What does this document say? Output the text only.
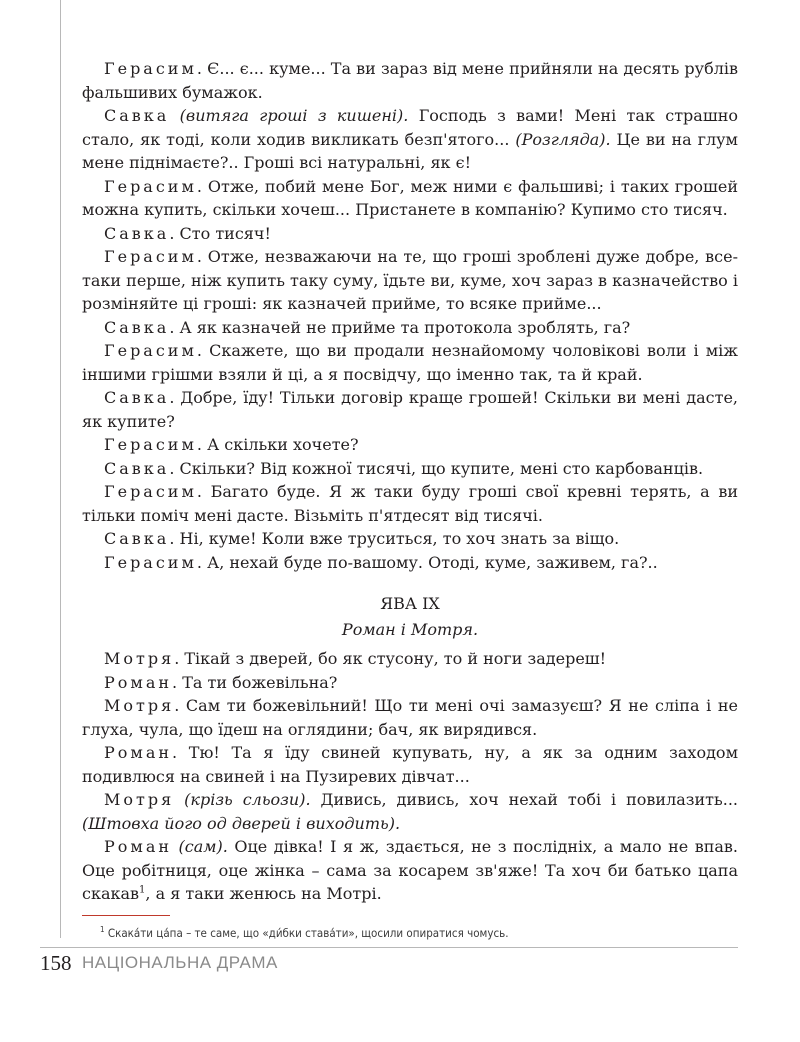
Герасим. Є... є... куме... Та ви зараз від мене прийняли на десять рублів фальшивих бумажок.

Савка (витяга гроші з кишені). Господь з вами! Мені так страшно стало, як тоді, коли ходив викликать безп'ятого... (Розгляда). Це ви на глум мене піднімаєте?.. Гроші всі натуральні, як є!

Герасим. Отже, побий мене Бог, меж ними є фальшиві; і таких грошей можна купить, скільки хочеш... Пристанете в компанію? Купимо сто тисяч.

Савка. Сто тисяч!

Герасим. Отже, незважаючи на те, що гроші зроблені дуже добре, все-таки перше, ніж купить таку суму, їдьте ви, куме, хоч зараз в казначейство і розміняйте ці гроші: як казначей прийме, то всяке прийме...

Савка. А як казначей не прийме та протокола зроблять, га?

Герасим. Скажете, що ви продали незнайомому чоловікові воли і між іншими грішми взяли й ці, а я посвідчу, що іменно так, та й край.

Савка. Добре, їду! Тільки договір краще грошей! Скільки ви мені дасте, як купите?

Герасим. А скільки хочете?

Савка. Скільки? Від кожної тисячі, що купите, мені сто карбованців.

Герасим. Багато буде. Я ж таки буду гроші свої кревні терять, а ви тільки поміч мені дасте. Візьміть п'ятдесят від тисячі.

Савка. Ні, куме! Коли вже труситься, то хоч знать за віщо.

Герасим. А, нехай буде по-вашому. Отоді, куме, заживем, га?..

ЯВА IX
Роман і Мотря.

Мотря. Тікай з дверей, бо як стусону, то й ноги задереш!

Роман. Та ти божевільна?

Мотря. Сам ти божевільний! Що ти мені очі замазуєш? Я не сліпа і не глуха, чула, що їдеш на оглядини; бач, як вирядився.

Роман. Тю! Та я їду свиней купувать, ну, а як за одним заходом подивлюся на свиней і на Пузиревих дівчат...

Мотря (крізь сльози). Дивись, дивись, хоч нехай тобі і повилазить... (Штовха його од дверей і виходить).

Роман (сам). Оце дівка! І я ж, здається, не з послідніх, а мало не впав. Оце робітниця, оце жінка – сама за косарем зв'яже! Та хоч би батько цапа скакав$^1$, а я таки женюсь на Мотрі.

$^1$ Скака́ти ца́па – те саме, що «ди́бки става́ти», щосили опиратися чомусь.
158 НАЦІОНАЛЬНА ДРАМА
